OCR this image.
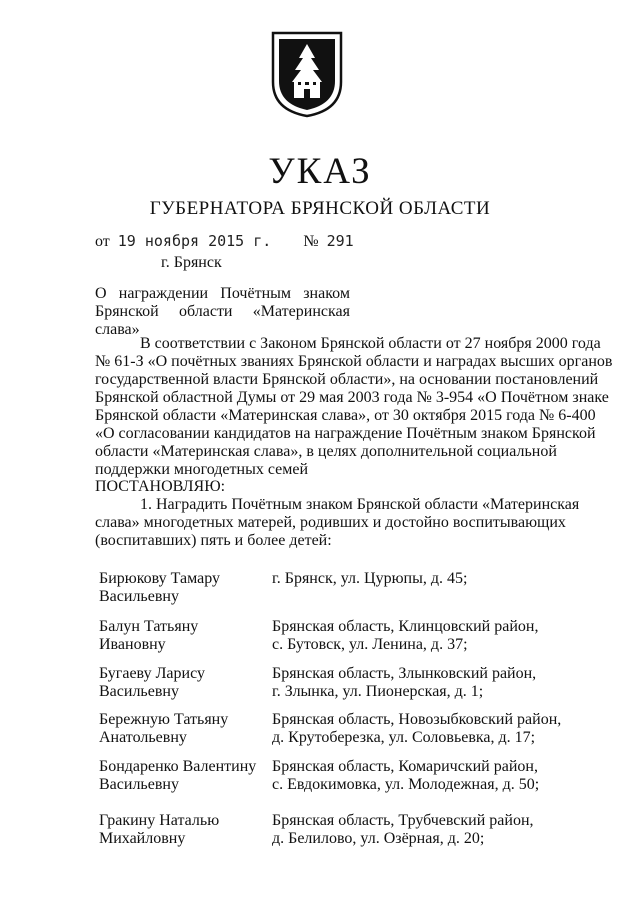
УКАЗ
ГУБЕРНАТОРА БРЯНСКОЙ ОБЛАСТИ
от 19 ноября 2015 г. № 291
г. Брянск
О награждении Почётным знаком
Брянской области «Материнская слава»
В соответствии с Законом Брянской области от 27 ноября 2000 года
№ 61-З «О почётных званиях Брянской области и наградах высших органов
государственной власти Брянской области», на основании постановлений
Брянской областной Думы от 29 мая 2003 года № 3-954 «О Почётном знаке
Брянской области «Материнская слава», от 30 октября 2015 года № 6-400
«О согласовании кандидатов на награждение Почётным знаком Брянской
области «Материнская слава», в целях дополнительной социальной
поддержки многодетных семей
ПОСТАНОВЛЯЮ:
1. Наградить Почётным знаком Брянской области «Материнская
слава» многодетных матерей, родивших и достойно воспитывающих
(воспитавших) пять и более детей:
Бирюкову Тамару
Васильевну
г. Брянск, ул. Цурюпы, д. 45;
Балун Татьяну
Ивановну
Брянская область, Клинцовский район,
с. Бутовск, ул. Ленина, д. 37;
Бугаеву Ларису
Васильевну
Брянская область, Злынковский район,
г. Злынка, ул. Пионерская, д. 1;
Бережную Татьяну
Анатольевну
Брянская область, Новозыбковский район,
д. Крутоберезка, ул. Соловьевка, д. 17;
Бондаренко Валентину
Васильевну
Брянская область, Комаричский район,
с. Евдокимовка, ул. Молодежная, д. 50;
Гракину Наталью
Михайловну
Брянская область, Трубчевский район,
д. Белилово, ул. Озёрная, д. 20;
